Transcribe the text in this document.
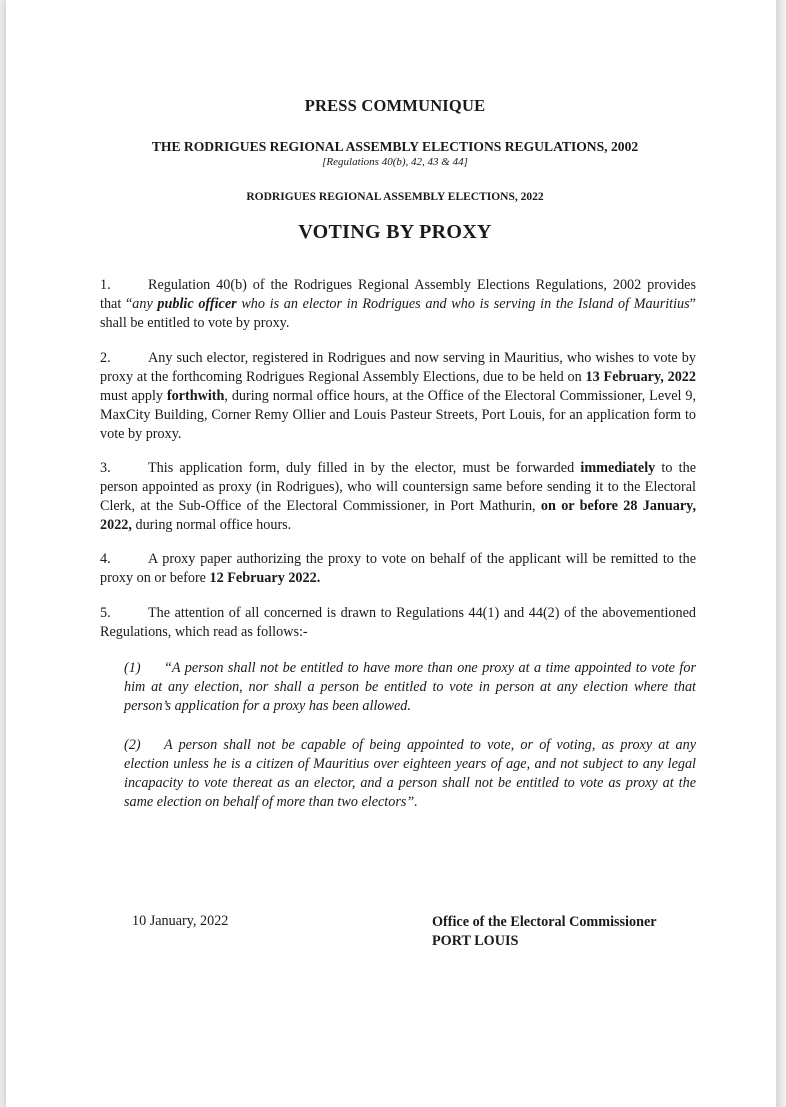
PRESS COMMUNIQUE
THE RODRIGUES REGIONAL ASSEMBLY ELECTIONS REGULATIONS, 2002
[Regulations 40(b), 42, 43 & 44]
RODRIGUES REGIONAL ASSEMBLY ELECTIONS, 2022
VOTING BY PROXY
1.	Regulation 40(b) of the Rodrigues Regional Assembly Elections Regulations, 2002 provides that “any public officer who is an elector in Rodrigues and who is serving in the Island of Mauritius” shall be entitled to vote by proxy.
2.	Any such elector, registered in Rodrigues and now serving in Mauritius, who wishes to vote by proxy at the forthcoming Rodrigues Regional Assembly Elections, due to be held on 13 February, 2022 must apply forthwith, during normal office hours, at the Office of the Electoral Commissioner, Level 9, MaxCity Building, Corner Remy Ollier and Louis Pasteur Streets, Port Louis, for an application form to vote by proxy.
3.	This application form, duly filled in by the elector, must be forwarded immediately to the person appointed as proxy (in Rodrigues), who will countersign same before sending it to the Electoral Clerk, at the Sub-Office of the Electoral Commissioner, in Port Mathurin, on or before 28 January, 2022, during normal office hours.
4.	A proxy paper authorizing the proxy to vote on behalf of the applicant will be remitted to the proxy on or before 12 February 2022.
5.	The attention of all concerned is drawn to Regulations 44(1) and 44(2) of the abovementioned Regulations, which read as follows:-
(1) “A person shall not be entitled to have more than one proxy at a time appointed to vote for him at any election, nor shall a person be entitled to vote in person at any election where that person’s application for a proxy has been allowed.
(2) A person shall not be capable of being appointed to vote, or of voting, as proxy at any election unless he is a citizen of Mauritius over eighteen years of age, and not subject to any legal incapacity to vote thereat as an elector, and a person shall not be entitled to vote as proxy at the same election on behalf of more than two electors”.
10 January, 2022	Office of the Electoral Commissioner
PORT LOUIS
